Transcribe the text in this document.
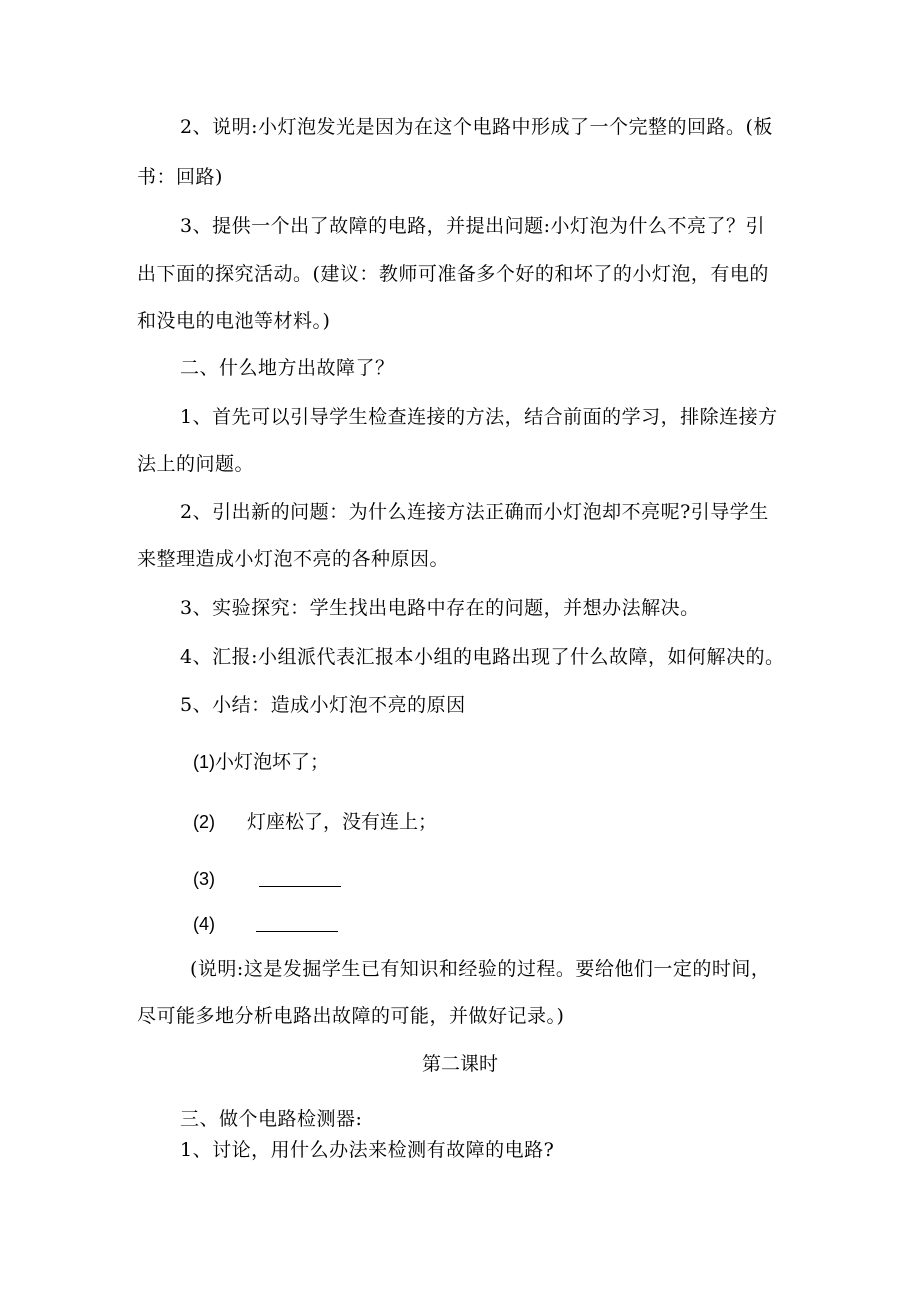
2、说明:小灯泡发光是因为在这个电路中形成了一个完整的回路。(板
书：回路)
3、提供一个出了故障的电路，并提出问题:小灯泡为什么不亮了？引
出下面的探究活动。(建议：教师可准备多个好的和坏了的小灯泡，有电的
和没电的电池等材料。)
二、什么地方出故障了？
1、首先可以引导学生检查连接的方法，结合前面的学习，排除连接方
法上的问题。
2、引出新的问题：为什么连接方法正确而小灯泡却不亮呢?引导学生
来整理造成小灯泡不亮的各种原因。
3、实验探究：学生找出电路中存在的问题，并想办法解决。
4、汇报:小组派代表汇报本小组的电路出现了什么故障，如何解决的。
5、小结：造成小灯泡不亮的原因
(1)小灯泡坏了；
(2) 灯座松了，没有连上；
(3)
(4)
(说明:这是发掘学生已有知识和经验的过程。要给他们一定的时间，
尽可能多地分析电路出故障的可能，并做好记录。)
第二课时
三、做个电路检测器:
1、讨论，用什么办法来检测有故障的电路?
